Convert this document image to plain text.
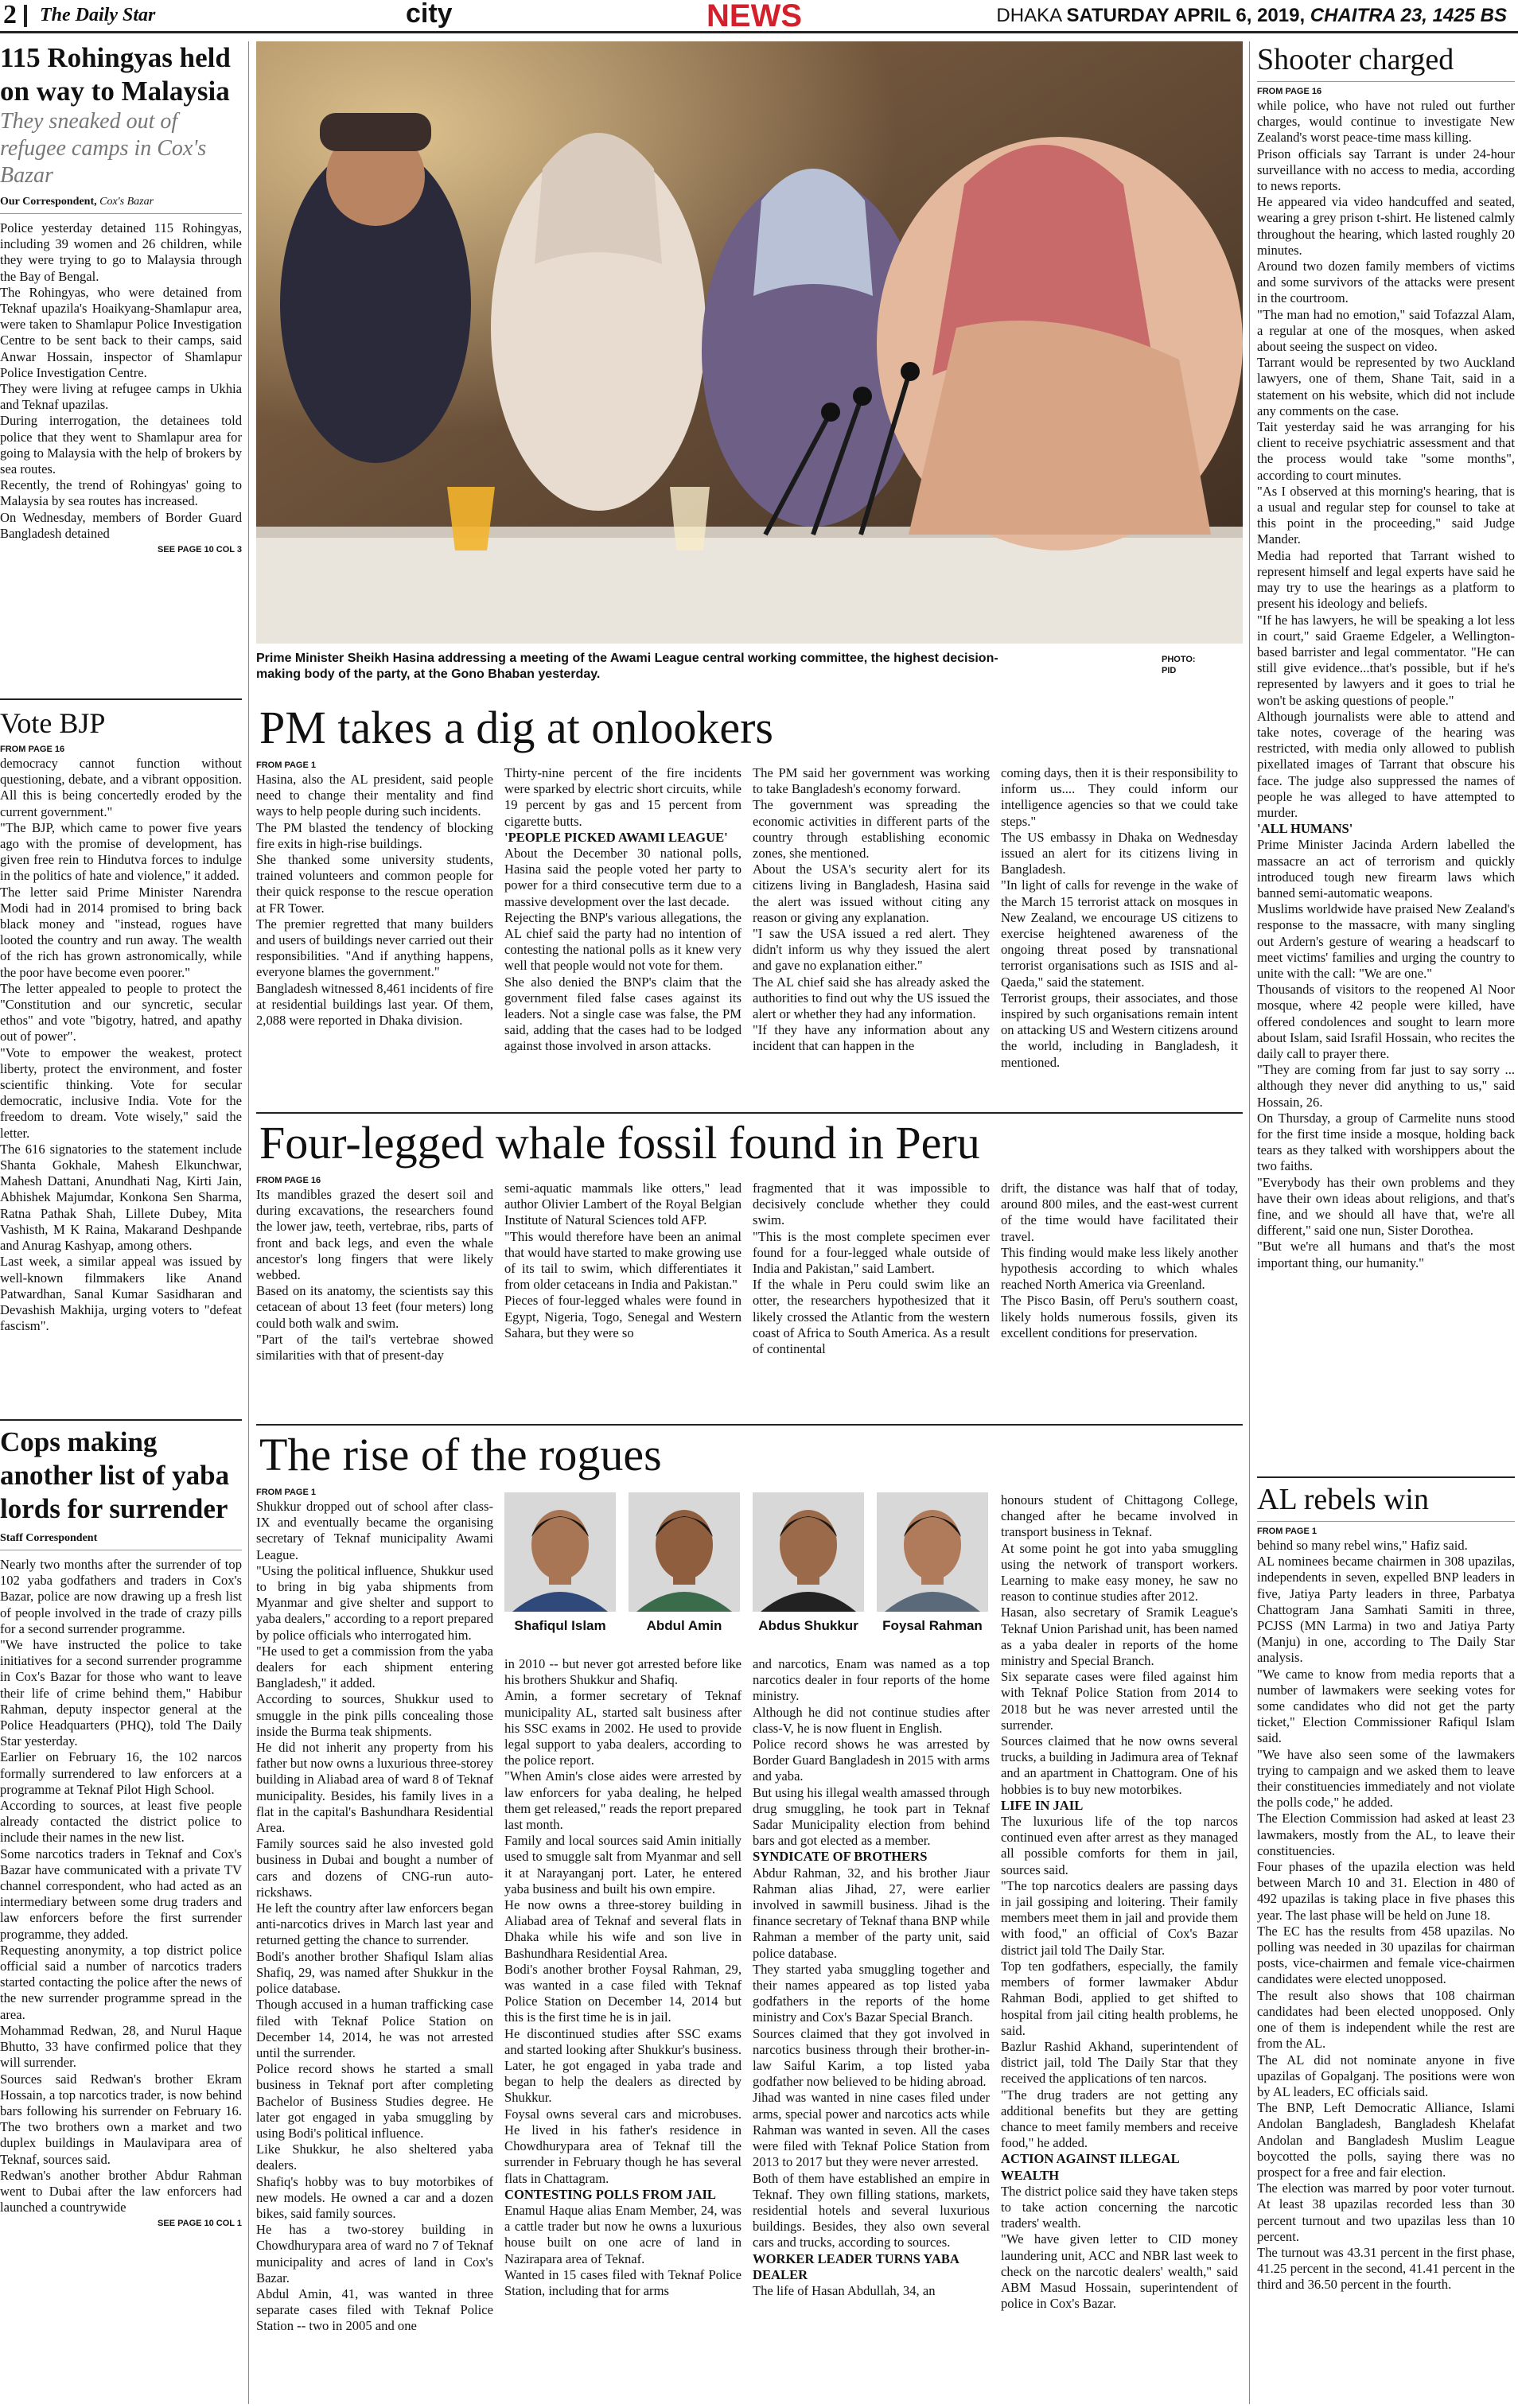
2 The Daily Star	city	NEWS	DHAKA SATURDAY APRIL 6, 2019, CHAITRA 23, 1425 BS
115 Rohingyas held on way to Malaysia
They sneaked out of refugee camps in Cox's Bazar
Our Correspondent, Cox's Bazar
Police yesterday detained 115 Rohingyas, including 39 women and 26 children, while they were trying to go to Malaysia through the Bay of Bengal.
The Rohingyas, who were detained from Teknaf upazila's Hoaikyang-Shamlapur area, were taken to Shamlapur Police Investigation Centre to be sent back to their camps, said Anwar Hossain, inspector of Shamlapur Police Investigation Centre.
They were living at refugee camps in Ukhia and Teknaf upazilas.
During interrogation, the detainees told police that they went to Shamlapur area for going to Malaysia with the help of brokers by sea routes.
Recently, the trend of Rohingyas' going to Malaysia by sea routes has increased.
On Wednesday, members of Border Guard Bangladesh detained
SEE PAGE 10 COL 3
Vote BJP
FROM PAGE 16
democracy cannot function without questioning, debate, and a vibrant opposition. All this is being concertedly eroded by the current government."
"The BJP, which came to power five years ago with the promise of development, has given free rein to Hindutva forces to indulge in the politics of hate and violence," it added.
The letter said Prime Minister Narendra Modi had in 2014 promised to bring back black money and "instead, rogues have looted the country and run away. The wealth of the rich has grown astronomically, while the poor have become even poorer."
The letter appealed to people to protect the "Constitution and our syncretic, secular ethos" and vote "bigotry, hatred, and apathy out of power".
"Vote to empower the weakest, protect liberty, protect the environment, and foster scientific thinking. Vote for secular democratic, inclusive India. Vote for the freedom to dream. Vote wisely," said the letter.
The 616 signatories to the statement include Shanta Gokhale, Mahesh Elkunchwar, Mahesh Dattani, Anundhati Nag, Kirti Jain, Abhishek Majumdar, Konkona Sen Sharma, Ratna Pathak Shah, Lillete Dubey, Mita Vashisth, M K Raina, Makarand Deshpande and Anurag Kashyap, among others.
Last week, a similar appeal was issued by well-known filmmakers like Anand Patwardhan, Sanal Kumar Sasidharan and Devashish Makhija, urging voters to "defeat fascism".
Cops making another list of yaba lords for surrender
Staff Correspondent
Nearly two months after the surrender of top 102 yaba godfathers and traders in Cox's Bazar, police are now drawing up a fresh list of people involved in the trade of crazy pills for a second surrender programme.
"We have instructed the police to take initiatives for a second surrender programme in Cox's Bazar for those who want to leave their life of crime behind them," Habibur Rahman, deputy inspector general at the Police Headquarters (PHQ), told The Daily Star yesterday.
Earlier on February 16, the 102 narcos formally surrendered to law enforcers at a programme at Teknaf Pilot High School.
According to sources, at least five people already contacted the district police to include their names in the new list.
Some narcotics traders in Teknaf and Cox's Bazar have communicated with a private TV channel correspondent, who had acted as an intermediary between some drug traders and law enforcers before the first surrender programme, they added.
Requesting anonymity, a top district police official said a number of narcotics traders started contacting the police after the news of the new surrender programme spread in the area.
Mohammad Redwan, 28, and Nurul Haque Bhutto, 33 have confirmed police that they will surrender.
Sources said Redwan's brother Ekram Hossain, a top narcotics trader, is now behind bars following his surrender on February 16. The two brothers own a market and two duplex buildings in Maulavipara area of Teknaf, sources said.
Redwan's another brother Abdur Rahman went to Dubai after the law enforcers had launched a countrywide
SEE PAGE 10 COL 1
Prime Minister Sheikh Hasina addressing a meeting of the Awami League central working committee, the highest decision-making body of the party, at the Gono Bhaban yesterday.
PHOTO:
PID
PM takes a dig at onlookers
FROM PAGE 1
Hasina, also the AL president, said people need to change their mentality and find ways to help people during such incidents.
The PM blasted the tendency of blocking fire exits in high-rise buildings.
She thanked some university students, trained volunteers and common people for their quick response to the rescue operation at FR Tower.
The premier regretted that many builders and users of buildings never carried out their responsibilities. "And if anything happens, everyone blames the government."
Bangladesh witnessed 8,461 incidents of fire at residential buildings last year. Of them, 2,088 were reported in Dhaka division.
Thirty-nine percent of the fire incidents were sparked by electric short circuits, while 19 percent by gas and 15 percent from cigarette butts.
'PEOPLE PICKED AWAMI LEAGUE'
About the December 30 national polls, Hasina said the people voted her party to power for a third consecutive term due to a massive development over the last decade.
Rejecting the BNP's various allegations, the AL chief said the party had no intention of contesting the national polls as it knew very well that people would not vote for them.
She also denied the BNP's claim that the government filed false cases against its leaders. Not a single case was false, the PM said, adding that the cases had to be lodged against those involved in arson attacks.
The PM said her government was working to take Bangladesh's economy forward.
The government was spreading the economic activities in different parts of the country through establishing economic zones, she mentioned.
About the USA's security alert for its citizens living in Bangladesh, Hasina said the alert was issued without citing any reason or giving any explanation.
"I saw the USA issued a red alert. They didn't inform us why they issued the alert and gave no explanation either."
The AL chief said she has already asked the authorities to find out why the US issued the alert or whether they had any information.
"If they have any information about any incident that can happen in the
coming days, then it is their responsibility to inform us.... They could inform our intelligence agencies so that we could take steps."
The US embassy in Dhaka on Wednesday issued an alert for its citizens living in Bangladesh.
"In light of calls for revenge in the wake of the March 15 terrorist attack on mosques in New Zealand, we encourage US citizens to exercise heightened awareness of the ongoing threat posed by transnational terrorist organisations such as ISIS and al-Qaeda," said the statement.
Terrorist groups, their associates, and those inspired by such organisations remain intent on attacking US and Western citizens around the world, including in Bangladesh, it mentioned.
Four-legged whale fossil found in Peru
FROM PAGE 16
Its mandibles grazed the desert soil and during excavations, the researchers found the lower jaw, teeth, vertebrae, ribs, parts of front and back legs, and even the whale ancestor's long fingers that were likely webbed.
Based on its anatomy, the scientists say this cetacean of about 13 feet (four meters) long could both walk and swim.
"Part of the tail's vertebrae showed similarities with that of present-day
semi-aquatic mammals like otters," lead author Olivier Lambert of the Royal Belgian Institute of Natural Sciences told AFP.
"This would therefore have been an animal that would have started to make growing use of its tail to swim, which differentiates it from older cetaceans in India and Pakistan."
Pieces of four-legged whales were found in Egypt, Nigeria, Togo, Senegal and Western Sahara, but they were so
fragmented that it was impossible to decisively conclude whether they could swim.
"This is the most complete specimen ever found for a four-legged whale outside of India and Pakistan," said Lambert.
If the whale in Peru could swim like an otter, the researchers hypothesized that it likely crossed the Atlantic from the western coast of Africa to South America. As a result of continental
drift, the distance was half that of today, around 800 miles, and the east-west current of the time would have facilitated their travel.
This finding would make less likely another hypothesis according to which whales reached North America via Greenland.
The Pisco Basin, off Peru's southern coast, likely holds numerous fossils, given its excellent conditions for preservation.
The rise of the rogues
FROM PAGE 1
Shukkur dropped out of school after class-IX and eventually became the organising secretary of Teknaf municipality Awami League.
"Using the political influence, Shukkur used to bring in big yaba shipments from Myanmar and give shelter and support to yaba dealers," according to a report prepared by police officials who interrogated him.
"He used to get a commission from the yaba dealers for each shipment entering Bangladesh," it added.
According to sources, Shukkur used to smuggle in the pink pills concealing those inside the Burma teak shipments.
He did not inherit any property from his father but now owns a luxurious three-storey building in Aliabad area of ward 8 of Teknaf municipality. Besides, his family lives in a flat in the capital's Bashundhara Residential Area.
Family sources said he also invested gold business in Dubai and bought a number of cars and dozens of CNG-run auto-rickshaws.
He left the country after law enforcers began anti-narcotics drives in March last year and returned getting the chance to surrender.
Bodi's another brother Shafiqul Islam alias Shafiq, 29, was named after Shukkur in the police database.
Though accused in a human trafficking case filed with Teknaf Police Station on December 14, 2014, he was not arrested until the surrender.
Police record shows he started a small business in Teknaf port after completing Bachelor of Business Studies degree. He later got engaged in yaba smuggling by using Bodi's political influence.
Like Shukkur, he also sheltered yaba dealers.
Shafiq's hobby was to buy motorbikes of new models. He owned a car and a dozen bikes, said family sources.
He has a two-storey building in Chowdhurypara area of ward no 7 of Teknaf municipality and acres of land in Cox's Bazar.
Abdul Amin, 41, was wanted in three separate cases filed with Teknaf Police Station -- two in 2005 and one
Shafiqul Islam	Abdul Amin	Abdus Shukkur	Foysal Rahman
in 2010 -- but never got arrested before like his brothers Shukkur and Shafiq.
Amin, a former secretary of Teknaf municipality AL, started salt business after his SSC exams in 2002. He used to provide legal support to yaba dealers, according to the police report.
"When Amin's close aides were arrested by law enforcers for yaba dealing, he helped them get released," reads the report prepared last month.
Family and local sources said Amin initially used to smuggle salt from Myanmar and sell it at Narayanganj port. Later, he entered yaba business and built his own empire.
He now owns a three-storey building in Aliabad area of Teknaf and several flats in Dhaka while his wife and son live in Bashundhara Residential Area.
Bodi's another brother Foysal Rahman, 29, was wanted in a case filed with Teknaf Police Station on December 14, 2014 but this is the first time he is in jail.
He discontinued studies after SSC exams and started looking after Shukkur's business. Later, he got engaged in yaba trade and began to help the dealers as directed by Shukkur.
Foysal owns several cars and microbuses. He lived in his father's residence in Chowdhurypara area of Teknaf till the surrender in February though he has several flats in Chattagram.
CONTESTING POLLS FROM JAIL
Enamul Haque alias Enam Member, 24, was a cattle trader but now he owns a luxurious house built on one acre of land in Nazirapara area of Teknaf.
Wanted in 15 cases filed with Teknaf Police Station, including that for arms
and narcotics, Enam was named as a top narcotics dealer in four reports of the home ministry.
Although he did not continue studies after class-V, he is now fluent in English.
Police record shows he was arrested by Border Guard Bangladesh in 2015 with arms and yaba.
But using his illegal wealth amassed through drug smuggling, he took part in Teknaf Sadar Municipality election from behind bars and got elected as a member.
SYNDICATE OF BROTHERS
Abdur Rahman, 32, and his brother Jiaur Rahman alias Jihad, 27, were earlier involved in sawmill business. Jihad is the finance secretary of Teknaf thana BNP while Rahman a member of the party unit, said police database.
They started yaba smuggling together and their names appeared as top listed yaba godfathers in the reports of the home ministry and Cox's Bazar Special Branch.
Sources claimed that they got involved in narcotics business through their brother-in-law Saiful Karim, a top listed yaba godfather now believed to be hiding abroad.
Jihad was wanted in nine cases filed under arms, special power and narcotics acts while Rahman was wanted in seven. All the cases were filed with Teknaf Police Station from 2013 to 2017 but they were never arrested.
Both of them have established an empire in Teknaf. They own filling stations, markets, residential hotels and several luxurious buildings. Besides, they also own several cars and trucks, according to sources.
WORKER LEADER TURNS YABA DEALER
The life of Hasan Abdullah, 34, an
honours student of Chittagong College, changed after he became involved in transport business in Teknaf.
At some point he got into yaba smuggling using the network of transport workers. Learning to make easy money, he saw no reason to continue studies after 2012.
Hasan, also secretary of Sramik League's Teknaf Union Parishad unit, has been named as a yaba dealer in reports of the home ministry and Special Branch.
Six separate cases were filed against him with Teknaf Police Station from 2014 to 2018 but he was never arrested until the surrender.
Sources claimed that he now owns several trucks, a building in Jadimura area of Teknaf and an apartment in Chattogram. One of his hobbies is to buy new motorbikes.
LIFE IN JAIL
The luxurious life of the top narcos continued even after arrest as they managed all possible comforts for them in jail, sources said.
"The top narcotics dealers are passing days in jail gossiping and loitering. Their family members meet them in jail and provide them with food," an official of Cox's Bazar district jail told The Daily Star.
Top ten godfathers, especially, the family members of former lawmaker Abdur Rahman Bodi, applied to get shifted to hospital from jail citing health problems, he said.
Bazlur Rashid Akhand, superintendent of district jail, told The Daily Star that they received the applications of ten narcos.
"The drug traders are not getting any additional benefits but they are getting chance to meet family members and receive food," he added.
ACTION AGAINST ILLEGAL WEALTH
The district police said they have taken steps to take action concerning the narcotic traders' wealth.
"We have given letter to CID money laundering unit, ACC and NBR last week to check on the narcotic dealers' wealth," said ABM Masud Hossain, superintendent of police in Cox's Bazar.
Shooter charged
FROM PAGE 16
while police, who have not ruled out further charges, would continue to investigate New Zealand's worst peace-time mass killing.
Prison officials say Tarrant is under 24-hour surveillance with no access to media, according to news reports.
He appeared via video handcuffed and seated, wearing a grey prison t-shirt. He listened calmly throughout the hearing, which lasted roughly 20 minutes.
Around two dozen family members of victims and some survivors of the attacks were present in the courtroom.
"The man had no emotion," said Tofazzal Alam, a regular at one of the mosques, when asked about seeing the suspect on video.
Tarrant would be represented by two Auckland lawyers, one of them, Shane Tait, said in a statement on his website, which did not include any comments on the case.
Tait yesterday said he was arranging for his client to receive psychiatric assessment and that the process would take "some months", according to court minutes.
"As I observed at this morning's hearing, that is a usual and regular step for counsel to take at this point in the proceeding," said Judge Mander.
Media had reported that Tarrant wished to represent himself and legal experts have said he may try to use the hearings as a platform to present his ideology and beliefs.
"If he has lawyers, he will be speaking a lot less in court," said Graeme Edgeler, a Wellington-based barrister and legal commentator. "He can still give evidence...that's possible, but if he's represented by lawyers and it goes to trial he won't be asking questions of people."
Although journalists were able to attend and take notes, coverage of the hearing was restricted, with media only allowed to publish pixellated images of Tarrant that obscure his face. The judge also suppressed the names of people he was alleged to have attempted to murder.
'ALL HUMANS'
Prime Minister Jacinda Ardern labelled the massacre an act of terrorism and quickly introduced tough new firearm laws which banned semi-automatic weapons.
Muslims worldwide have praised New Zealand's response to the massacre, with many singling out Ardern's gesture of wearing a headscarf to meet victims' families and urging the country to unite with the call: "We are one."
Thousands of visitors to the reopened Al Noor mosque, where 42 people were killed, have offered condolences and sought to learn more about Islam, said Israfil Hossain, who recites the daily call to prayer there.
"They are coming from far just to say sorry ... although they never did anything to us," said Hossain, 26.
On Thursday, a group of Carmelite nuns stood for the first time inside a mosque, holding back tears as they talked with worshippers about the two faiths.
"Everybody has their own problems and they have their own ideas about religions, and that's fine, and we should all have that, we're all different," said one nun, Sister Dorothea.
"But we're all humans and that's the most important thing, our humanity."
AL rebels win
FROM PAGE 1
behind so many rebel wins," Hafiz said.
AL nominees became chairmen in 308 upazilas, independents in seven, expelled BNP leaders in five, Jatiya Party leaders in three, Parbatya Chattogram Jana Samhati Samiti in three, PCJSS (MN Larma) in two and Jatiya Party (Manju) in one, according to The Daily Star analysis.
"We came to know from media reports that a number of lawmakers were seeking votes for some candidates who did not get the party ticket," Election Commissioner Rafiqul Islam said.
"We have also seen some of the lawmakers trying to campaign and we asked them to leave their constituencies immediately and not violate the polls code," he added.
The Election Commission had asked at least 23 lawmakers, mostly from the AL, to leave their constituencies.
Four phases of the upazila election was held between March 10 and 31. Election in 480 of 492 upazilas is taking place in five phases this year. The last phase will be held on June 18.
The EC has the results from 458 upazilas. No polling was needed in 30 upazilas for chairman posts, vice-chairmen and female vice-chairmen candidates were elected unopposed.
The result also shows that 108 chairman candidates had been elected unopposed. Only one of them is independent while the rest are from the AL.
The AL did not nominate anyone in five upazilas of Gopalganj. The positions were won by AL leaders, EC officials said.
The BNP, Left Democratic Alliance, Islami Andolan Bangladesh, Bangladesh Khelafat Andolan and Bangladesh Muslim League boycotted the polls, saying there was no prospect for a free and fair election.
The election was marred by poor voter turnout. At least 38 upazilas recorded less than 30 percent turnout and two upazilas less than 10 percent.
The turnout was 43.31 percent in the first phase, 41.25 percent in the second, 41.41 percent in the third and 36.50 percent in the fourth.
